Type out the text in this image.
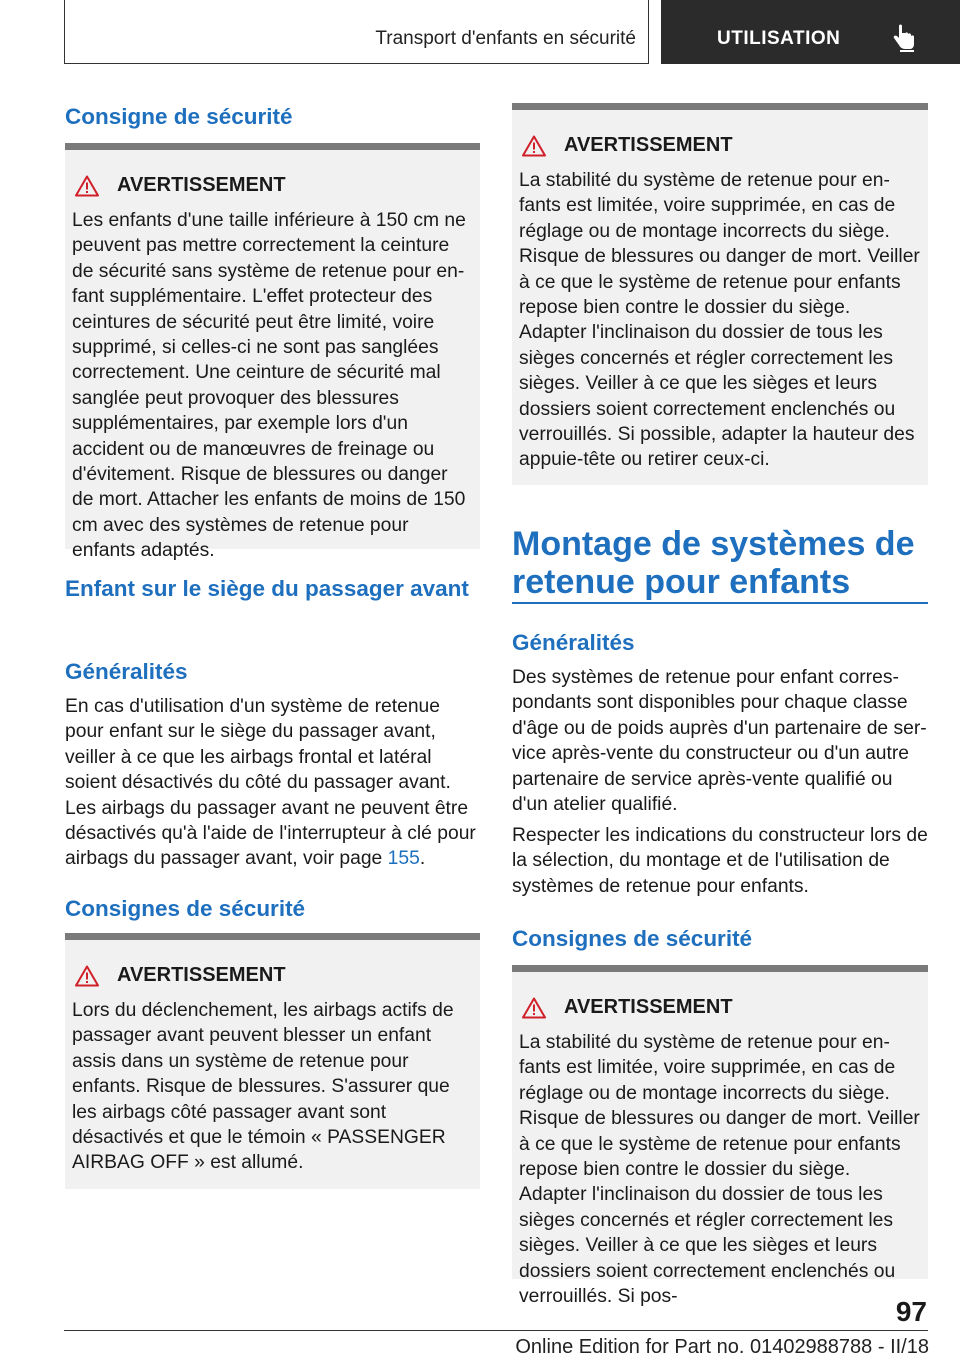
Transport d'enfants en sécurité	UTILISATION
Consigne de sécurité
AVERTISSEMENT
Les enfants d'une taille inférieure à 150 cm ne peuvent pas mettre correctement la ceinture de sécurité sans système de retenue pour enfant supplémentaire. L'effet protecteur des ceintures de sécurité peut être limité, voire supprimé, si celles-ci ne sont pas sanglées correctement. Une ceinture de sécurité mal sanglée peut provoquer des blessures supplémentaires, par exemple lors d'un accident ou de manœuvres de freinage ou d'évitement. Risque de blessures ou danger de mort. Attacher les enfants de moins de 150 cm avec des systèmes de retenue pour enfants adaptés.
Enfant sur le siège du passager avant
Généralités

En cas d'utilisation d'un système de retenue pour enfant sur le siège du passager avant, veiller à ce que les airbags frontal et latéral soient désactivés du côté du passager avant. Les airbags du passager avant ne peuvent être désactivés qu'à l'aide de l'interrupteur à clé pour airbags du passager avant, voir page 155.

Consignes de sécurité
AVERTISSEMENT
Lors du déclenchement, les airbags actifs de passager avant peuvent blesser un enfant assis dans un système de retenue pour enfants. Risque de blessures. S'assurer que les airbags côté passager avant sont désactivés et que le témoin « PASSENGER AIRBAG OFF » est allumé.
AVERTISSEMENT
La stabilité du système de retenue pour enfants est limitée, voire supprimée, en cas de réglage ou de montage incorrects du siège. Risque de blessures ou danger de mort. Veiller à ce que le système de retenue pour enfants repose bien contre le dossier du siège. Adapter l'inclinaison du dossier de tous les sièges concernés et régler correctement les sièges. Veiller à ce que les sièges et leurs dossiers soient correctement enclenchés ou verrouillés. Si possible, adapter la hauteur des appuie-tête ou retirer ceux-ci.
Montage de systèmes de retenue pour enfants
Généralités

Des systèmes de retenue pour enfant correspondants sont disponibles pour chaque classe d'âge ou de poids auprès d'un partenaire de service après-vente du constructeur ou d'un autre partenaire de service après-vente qualifié ou d'un atelier qualifié.

Respecter les indications du constructeur lors de la sélection, du montage et de l'utilisation de systèmes de retenue pour enfants.

Consignes de sécurité
AVERTISSEMENT
La stabilité du système de retenue pour enfants est limitée, voire supprimée, en cas de réglage ou de montage incorrects du siège. Risque de blessures ou danger de mort. Veiller à ce que le système de retenue pour enfants repose bien contre le dossier du siège. Adapter l'inclinaison du dossier de tous les sièges concernés et régler correctement les sièges. Veiller à ce que les sièges et leurs dossiers soient correctement enclenchés ou verrouillés. Si pos-	97
Online Edition for Part no. 01402988788 - II/18
